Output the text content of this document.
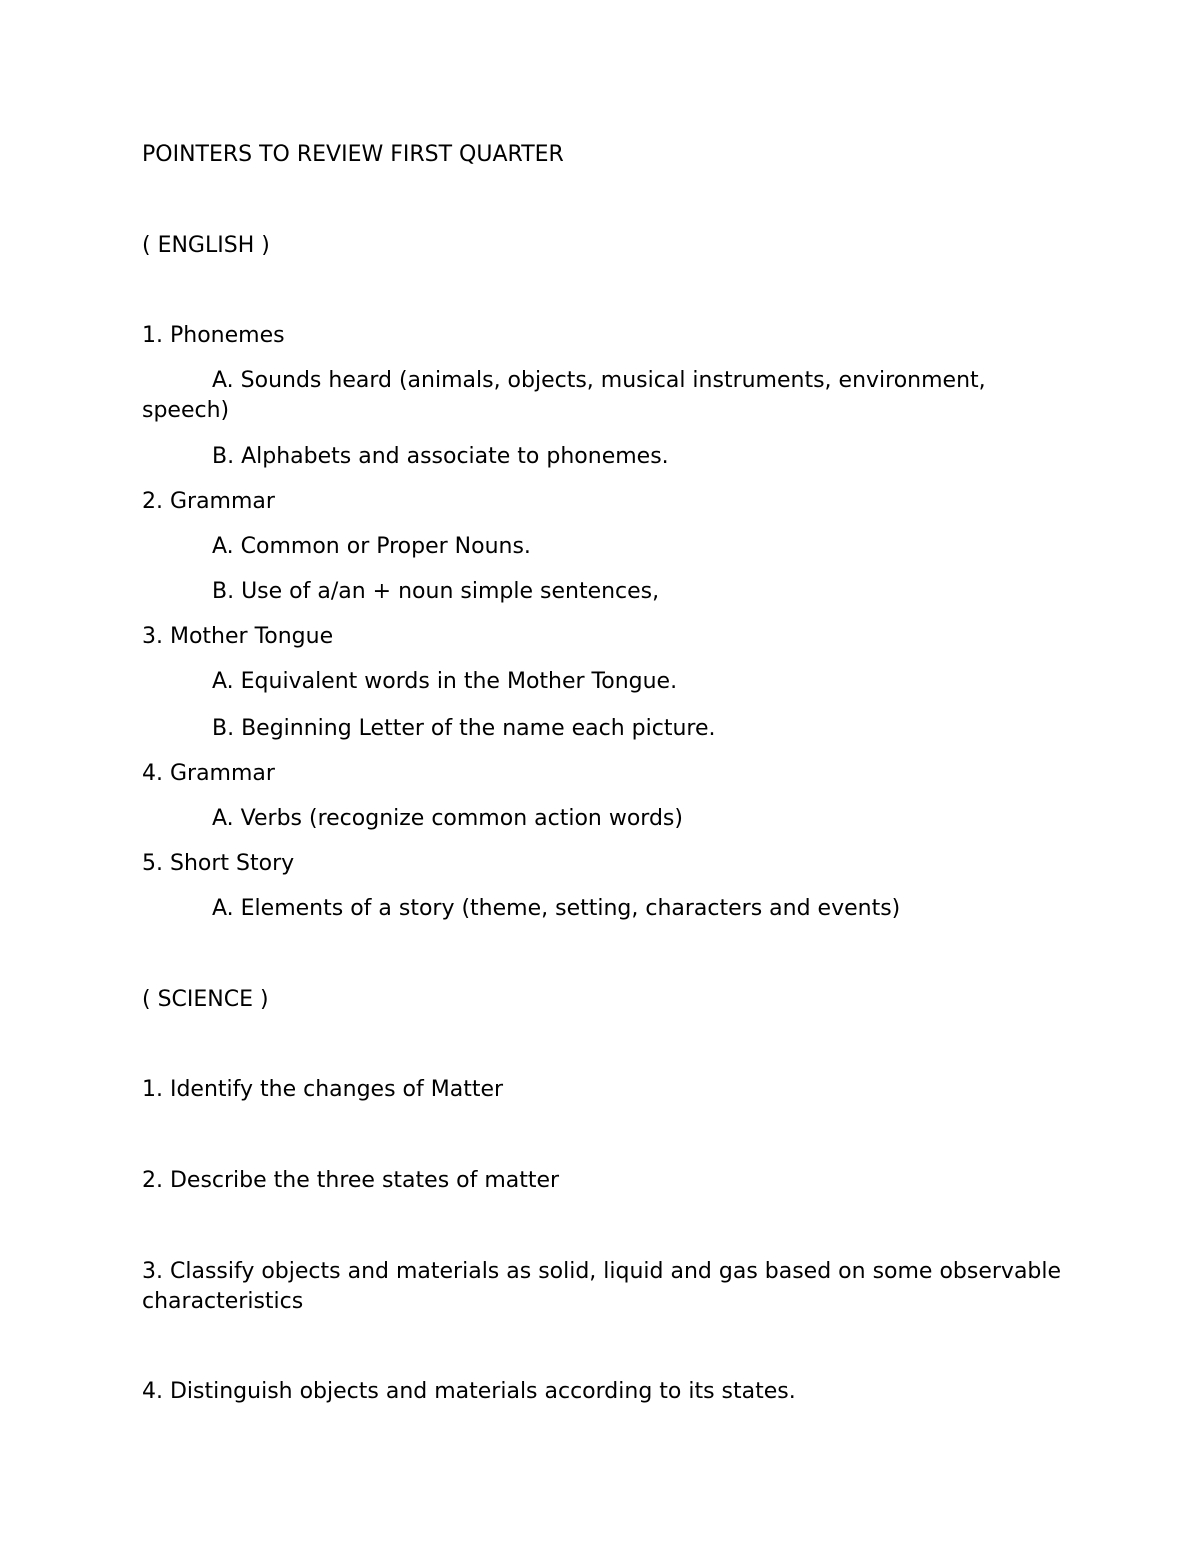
POINTERS TO REVIEW FIRST QUARTER

( ENGLISH )

1. Phonemes

A. Sounds heard (animals, objects, musical instruments, environment, speech)

B. Alphabets and associate to phonemes.

2. Grammar

A. Common or Proper Nouns.

B. Use of a/an + noun simple sentences,

3. Mother Tongue

A. Equivalent words in the Mother Tongue.

B. Beginning Letter of the name each picture.

4. Grammar

A. Verbs (recognize common action words)

5. Short Story

A. Elements of a story (theme, setting, characters and events)

( SCIENCE )

1. Identify the changes of Matter

2. Describe the three states of matter

3. Classify objects and materials as solid, liquid and gas based on some observable characteristics

4. Distinguish objects and materials according to its states.
